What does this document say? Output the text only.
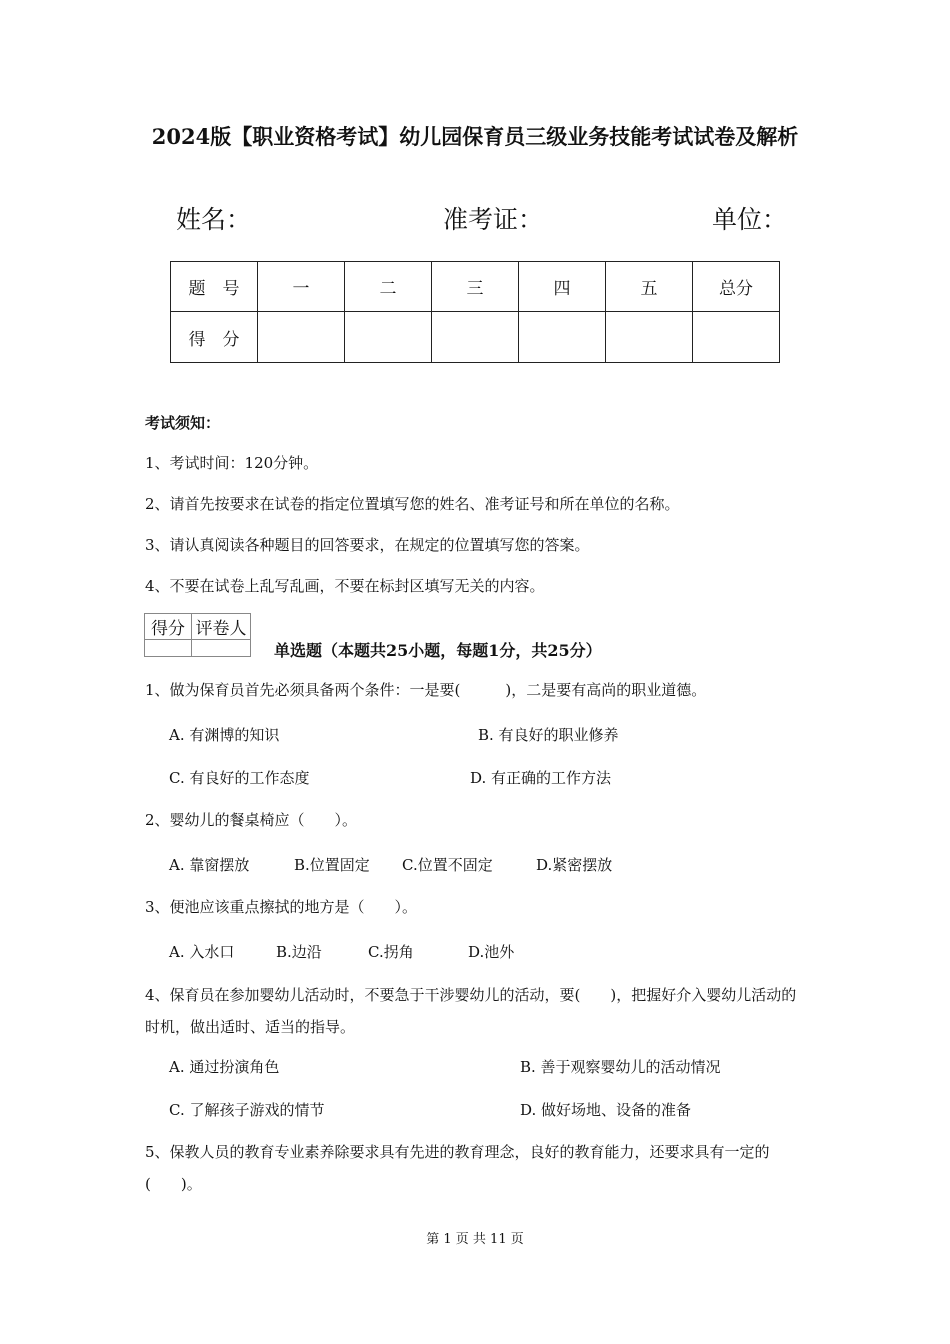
2024版【职业资格考试】幼儿园保育员三级业务技能考试试卷及解析
姓名：	准考证：	单位：
题　号	一	二	三	四	五	总分
得　分						
考试须知：
1、考试时间：120分钟。
2、请首先按要求在试卷的指定位置填写您的姓名、准考证号和所在单位的名称。
3、请认真阅读各种题目的回答要求，在规定的位置填写您的答案。
4、不要在试卷上乱写乱画，不要在标封区填写无关的内容。
得分	评卷人

单选题（本题共25小题，每题1分，共25分）
1、做为保育员首先必须具备两个条件：一是要(　　　)，二是要有高尚的职业道德。
A. 有渊博的知识	B. 有良好的职业修养
C. 有良好的工作态度	D. 有正确的工作方法
2、婴幼儿的餐桌椅应（　　）。
A. 靠窗摆放	B.位置固定 C.位置不固定	D.紧密摆放
3、便池应该重点擦拭的地方是（　　）。
A. 入水口	B.边沿	C.拐角	D.池外
4、保育员在参加婴幼儿活动时，不要急于干涉婴幼儿的活动，要(　　)，把握好介入婴幼儿活动的时机，做出适时、适当的指导。
A. 通过扮演角色	B. 善于观察婴幼儿的活动情况
C. 了解孩子游戏的情节	D. 做好场地、设备的准备
5、保教人员的教育专业素养除要求具有先进的教育理念，良好的教育能力，还要求具有一定的(　　)。
第 1 页 共 11 页
